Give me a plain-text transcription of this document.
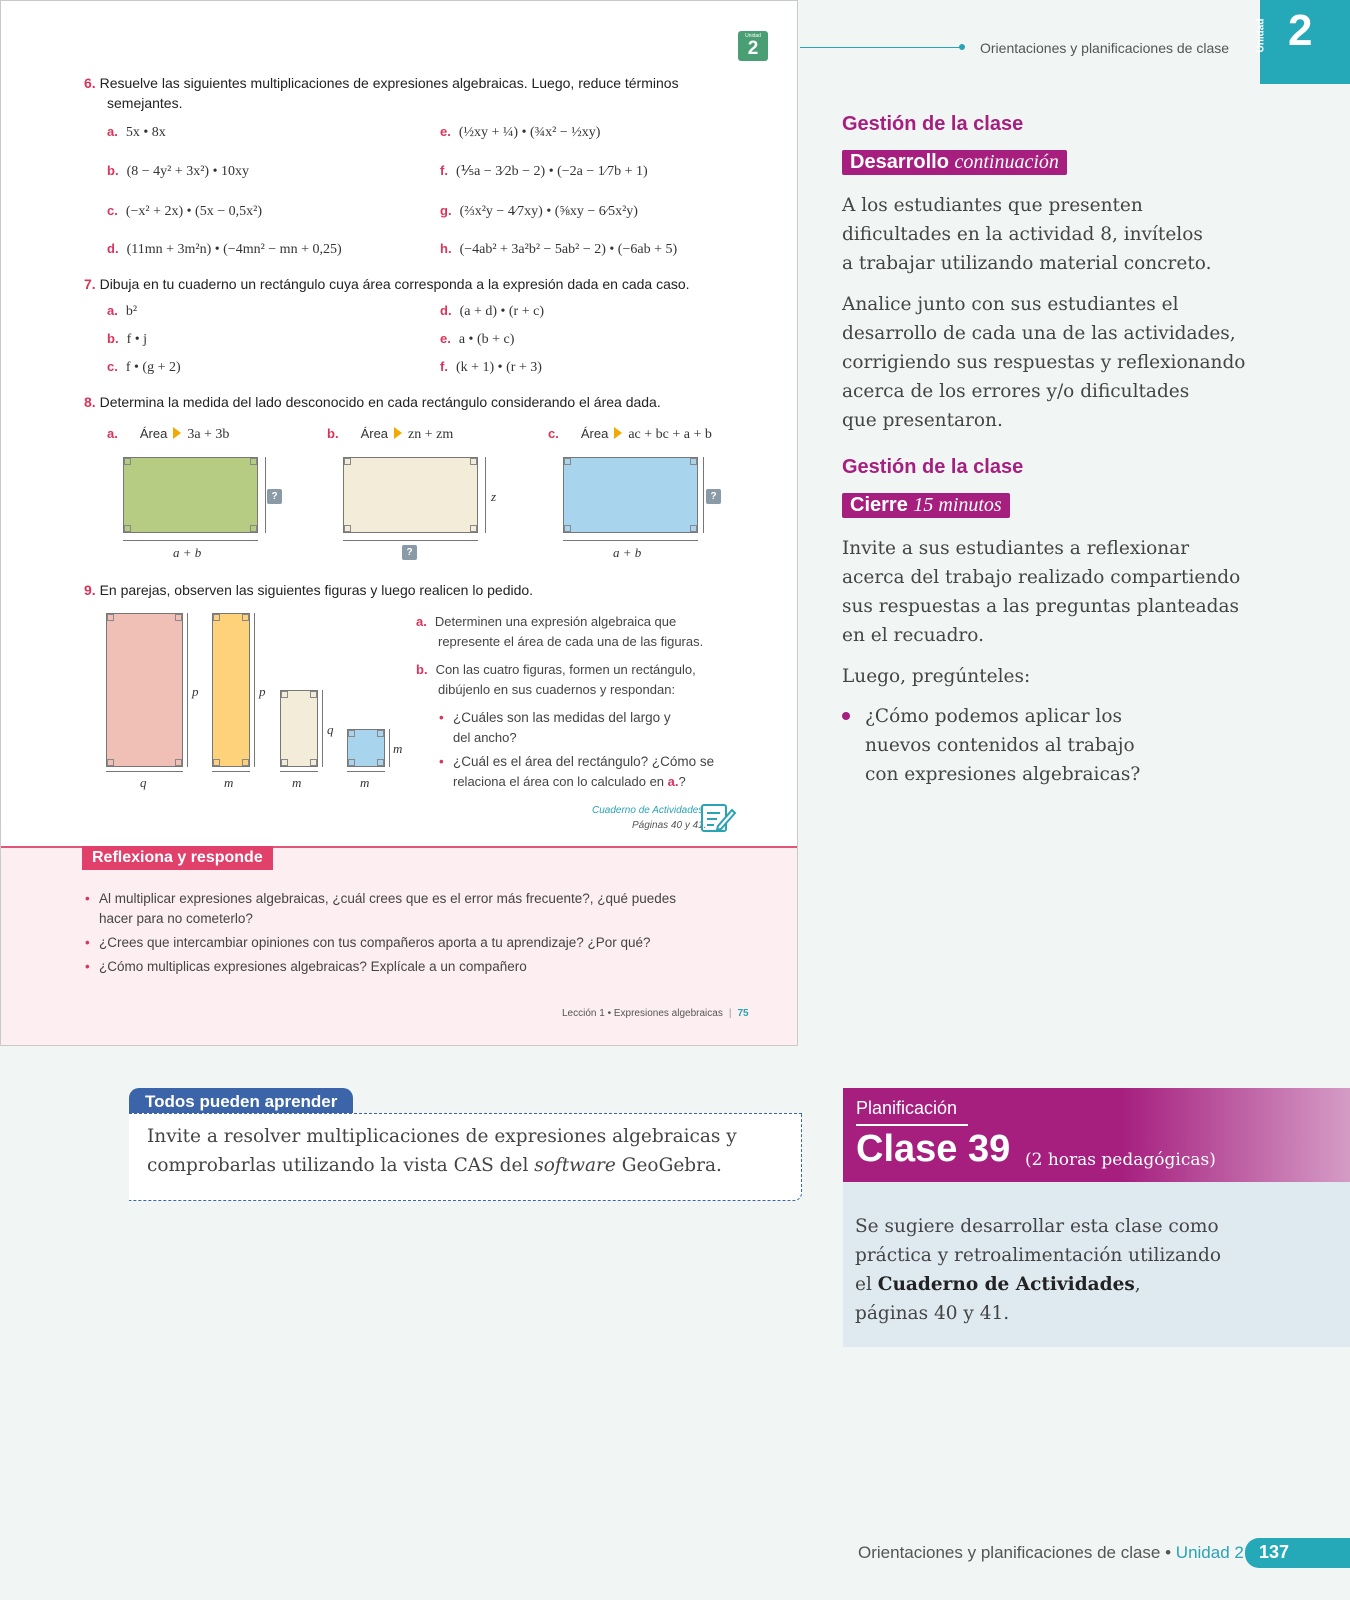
Unidad
2
6. Resuelve las siguientes multiplicaciones de expresiones algebraicas. Luego, reduce términos
semejantes.
a. 5x • 8x
b. (8 − 4y² + 3x²) • 10xy
c. (−x² + 2x) • (5x − 0,5x²)
d. (11mn + 3m²n) • (−4mn² − mn + 0,25)
e. (½xy + ¼) • (¾x² − ½xy)
f. (⅕a − 3⁄2b − 2) • (−2a − 1⁄7b + 1)
g. (⅔x²y − 4⁄7xy) • (⅝xy − 6⁄5x²y)
h. (−4ab² + 3a²b² − 5ab² − 2) • (−6ab + 5)
7. Dibuja en tu cuaderno un rectángulo cuya área corresponda a la expresión dada en cada caso.
a. b²
b. f • j
c. f • (g + 2)
d. (a + d) • (r + c)
e. a • (b + c)
f. (k + 1) • (r + 3)
8. Determina la medida del lado desconocido en cada rectángulo considerando el área dada.
a. Área 3a + 3b
?
a + b
b. Área zn + zm
z
?
c. Área ac + bc + a + b
?
a + b
9. En parejas, observen las siguientes figuras y luego realicen lo pedido.
p
q
p
m
q
m
m
m
a. Determinen una expresión algebraica que
represente el área de cada una de las figuras.
b. Con las cuatro figuras, formen un rectángulo,
dibújenlo en sus cuadernos y respondan:
• ¿Cuáles son las medidas del largo y
del ancho?
• ¿Cuál es el área del rectángulo? ¿Cómo se
relaciona el área con lo calculado en a.?
Cuaderno de Actividades
Páginas 40 y 41.
Reflexiona y responde
• Al multiplicar expresiones algebraicas, ¿cuál crees que es el error más frecuente?, ¿qué puedes
hacer para no cometerlo?
• ¿Crees que intercambiar opiniones con tus compañeros aporta a tu aprendizaje? ¿Por qué?
• ¿Cómo multiplicas expresiones algebraicas? Explícale a un compañero
Lección 1 • Expresiones algebraicas | 75
Orientaciones y planificaciones de clase	Unidad 2
Gestión de la clase
Desarrollo continuación
A los estudiantes que presenten
dificultades en la actividad 8, invítelos
a trabajar utilizando material concreto.
Analice junto con sus estudiantes el
desarrollo de cada una de las actividades,
corrigiendo sus respuestas y reflexionando
acerca de los errores y/o dificultades
que presentaron.
Gestión de la clase
Cierre 15 minutos
Invite a sus estudiantes a reflexionar
acerca del trabajo realizado compartiendo
sus respuestas a las preguntas planteadas
en el recuadro.
Luego, pregúnteles:
¿Cómo podemos aplicar los
nuevos contenidos al trabajo
con expresiones algebraicas?
Todos pueden aprender
Invite a resolver multiplicaciones de expresiones algebraicas y
comprobarlas utilizando la vista CAS del software GeoGebra.
Planificación
Clase 39 (2 horas pedagógicas)
Se sugiere desarrollar esta clase como
práctica y retroalimentación utilizando
el Cuaderno de Actividades,
páginas 40 y 41.
Orientaciones y planificaciones de clase • Unidad 2 137
